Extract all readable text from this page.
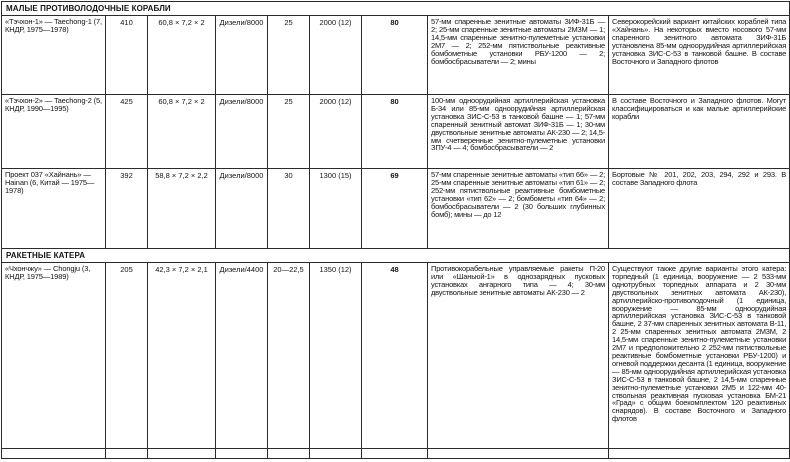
МАЛЫЕ ПРОТИВОЛОДОЧНЫЕ КОРАБЛИ								
«Тэчхон-1» — Taechong-1 (7, КНДР, 1975—1978)	410	60,8 × 7,2 × 2	Дизели/8000	25	2000 (12)	80	57-мм спаренные зенитные автоматы ЗИФ-31Б — 2; 25-мм спаренные зенитные автоматы 2М3М — 1; 14,5-мм спаренные зенитно-пулеметные установки 2М7 — 2; 252-мм пятиствольные реактивные бомбометные установки РБУ-1200 — 2; бомбосбрасыватели — 2; мины	Северокорейский вариант китайских кораблей типа «Хайнань». На некоторых вместо носового 57-мм спаренного зенитного автомата ЗИФ-31Б установлена 85-мм одноорудийная артиллерийская установка ЗИС-С-53 в танковой башне. В составе Восточного и Западного флотов
«Тэчхон-2» — Taechong-2 (5, КНДР, 1990—1995)	425	60,8 × 7,2 × 2	Дизели/8000	25	2000 (12)	80	100-мм одноорудийная артиллерийская установка Б-34 или 85-мм одноорудийная артиллерийская установка ЗИС-С-53 в танковой башне — 1; 57-мм спаренный зенитный автомат ЗИФ-31Б — 1; 30-мм двуствольные зенитные автоматы АК-230 — 2; 14,5-мм счетверенные зенитно-пулеметные установки ЗПУ-4 — 4; бомбосбрасыватели — 2	В составе Восточного и Западного флотов. Могут классифицироваться и как малые артиллерийские корабли
Проект 037 «Хайнань» — Hainan (6, Китай — 1975—1978)	392	58,8 × 7,2 × 2,2	Дизели/8000	30	1300 (15)	69	57-мм спаренные зенитные автоматы «тип 66» — 2; 25-мм спаренные зенитные автоматы «тип 61» — 2; 252-мм пятиствольные реактивные бомбометные установки «тип 62» — 2; бомбометы «тип 64» — 2; бомбосбрасыватели — 2 (30 больших глубинных бомб); мины — до 12	Бортовые № 201, 202, 203, 294, 292 и 293. В составе Западного флота
РАКЕТНЫЕ КАТЕРА								
«Чхончжу» — Chongju (3, КНДР, 1975—1989)	205	42,3 × 7,2 × 2,1	Дизели/4400	20—22,5	1350 (12)	48	Противокорабельные управляемые ракеты П-20 или «Шаньюй-1» в однозарядных пусковых установках ангарного типа — 4; 30-мм двуствольные зенитные автоматы АК-230 — 2	Существуют также другие варианты этого катера: торпедный (1 единица, вооружение — 2 533-мм однотрубных торпедных аппарата и 2 30-мм двуствольных зенитных автомата АК-230), артиллерийско-противолодочный (1 единица, вооружение — 85-мм одноорудийная артиллерийская установка ЗИС-С-53 в танковой башне, 2 37-мм спаренных зенитных автомата В-11, 2 25-мм спаренных зенитных автомата 2М3М, 2 14,5-мм спаренные зенитно-пулеметные установки 2М7 и предположительно 2 252-мм пятиствольные реактивные бомбометные установки РБУ-1200) и огневой поддержки десанта (1 единица, вооружение — 85-мм одноорудийная артиллерийская установка ЗИС-С-53 в танковой башне, 2 14,5-мм спаренные зенитно-пулеметные установки 2М5 и 122-мм 40-ствольная реактивная пусковая установка БМ-21 «Град» с общим боекомплектом 120 реактивных снарядов). В составе Восточного и Западного флотов
